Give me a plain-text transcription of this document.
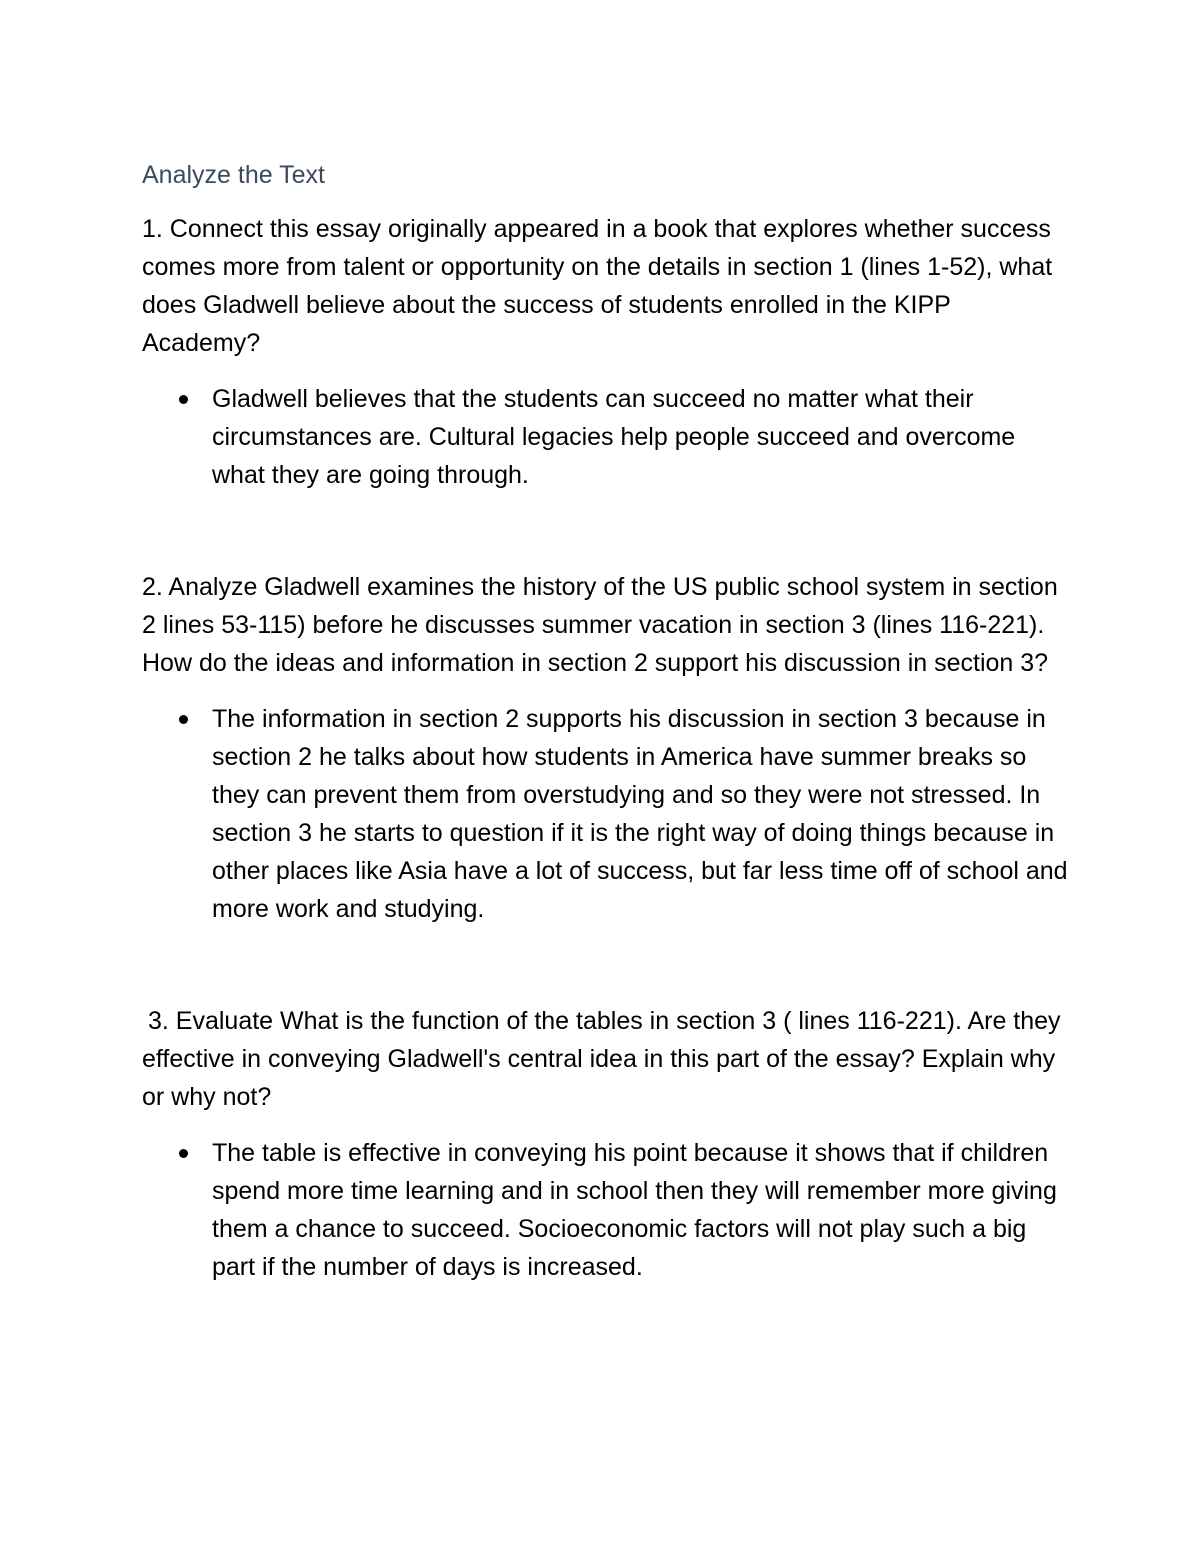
Analyze the Text

1. Connect this essay originally appeared in a book that explores whether success comes more from talent or opportunity on the details in section 1 (lines 1-52), what does Gladwell believe about the success of students enrolled in the KIPP Academy?

Gladwell believes that the students can succeed no matter what their circumstances are. Cultural legacies help people succeed and overcome what they are going through.

2. Analyze Gladwell examines the history of the US public school system in section 2 lines 53-115) before he discusses summer vacation in section 3 (lines 116-221). How do the ideas and information in section 2 support his discussion in section 3?

The information in section 2 supports his discussion in section 3 because in section 2 he talks about how students in America have summer breaks so they can prevent them from overstudying and so they were not stressed. In section 3 he starts to question if it is the right way of doing things because in other places like Asia have a lot of success, but far less time off of school and more work and studying.

3. Evaluate What is the function of the tables in section 3 ( lines 116-221). Are they effective in conveying Gladwell's central idea in this part of the essay? Explain why or why not?

The table is effective in conveying his point because it shows that if children spend more time learning and in school then they will remember more giving them a chance to succeed. Socioeconomic factors will not play such a big part if the number of days is increased.
